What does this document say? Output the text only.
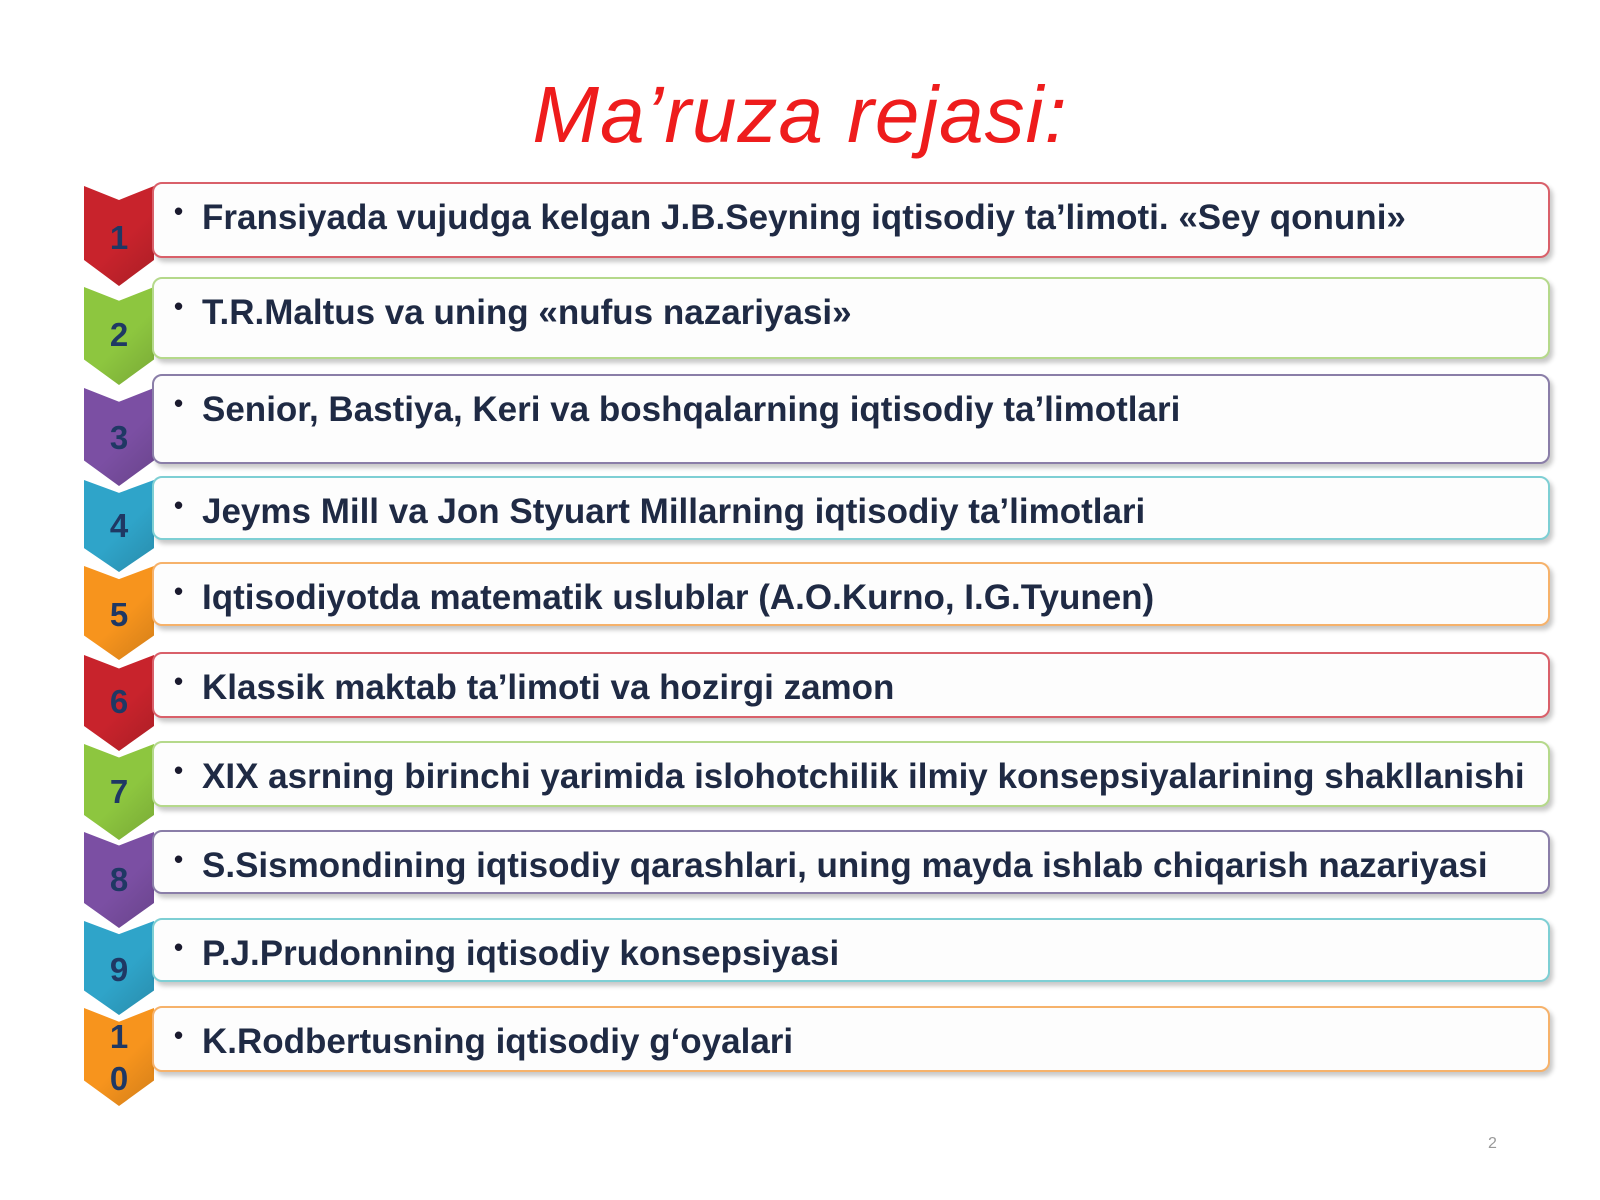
Ma’ruza rejasi:
• Fransiyada vujudga kelgan J.B.Seyning iqtisodiy ta’limoti. «Sey qonuni»
1
• T.R.Maltus va uning «nufus nazariyasi»
2
• Senior, Bastiya, Keri va boshqalarning iqtisodiy ta’limotlari
3
• Jeyms Mill va Jon Styuart Millarning iqtisodiy ta’limotlari
4
• Iqtisodiyotda matematik uslublar (A.O.Kurno, I.G.Tyunen)
5
• Klassik maktab ta’limoti va hozirgi zamon
6
• XIX asrning birinchi yarimida islohotchilik ilmiy konsepsiyalarining shakllanishi
7
• S.Sismondining iqtisodiy qarashlari, uning mayda ishlab chiqarish nazariyasi
8
• P.J.Prudonning iqtisodiy konsepsiyasi
9
• K.Rodbertusning iqtisodiy g‘oyalari
1
0
2
